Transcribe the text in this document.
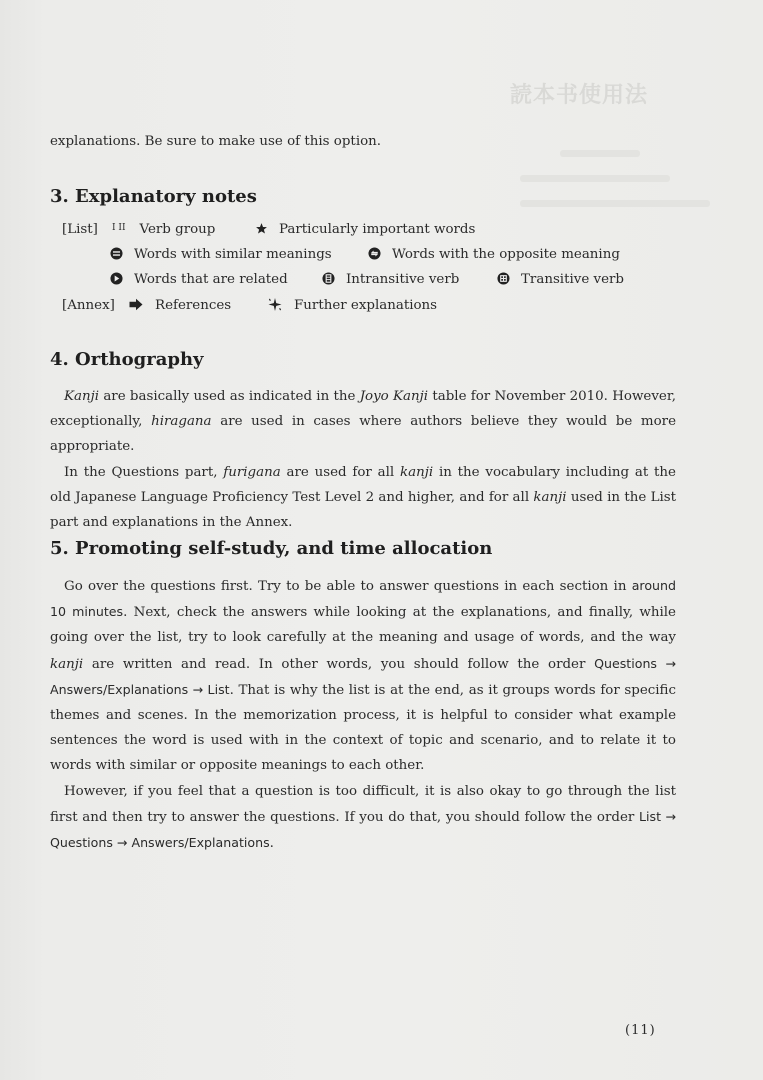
読本书使用法
explanations. Be sure to make use of this option.
3. Explanatory notes
[List] $^{I II}$ Verb group	Particularly important words
Words with similar meanings	Words with the opposite meaning
Words that are related	Intransitive verb	Transitive verb
[Annex]	References	Further explanations
4. Orthography

Kanji are basically used as indicated in the Joyo Kanji table for November 2010. However, exceptionally, hiragana are used in cases where authors believe they would be more appropriate.

In the Questions part, furigana are used for all kanji in the vocabulary including at the old Japanese Language Proficiency Test Level 2 and higher, and for all kanji used in the List part and explanations in the Annex.

5. Promoting self-study, and time allocation

Go over the questions first. Try to be able to answer questions in each section in around 10 minutes. Next, check the answers while looking at the explanations, and finally, while going over the list, try to look carefully at the meaning and usage of words, and the way kanji are written and read. In other words, you should follow the order Questions → Answers/Explanations → List. That is why the list is at the end, as it groups words for specific themes and scenes. In the memorization process, it is helpful to consider what example sentences the word is used with in the context of topic and scenario, and to relate it to words with similar or opposite meanings to each other.

However, if you feel that a question is too difficult, it is also okay to go through the list first and then try to answer the questions. If you do that, you should follow the order List → Questions → Answers/Explanations.

(11)
